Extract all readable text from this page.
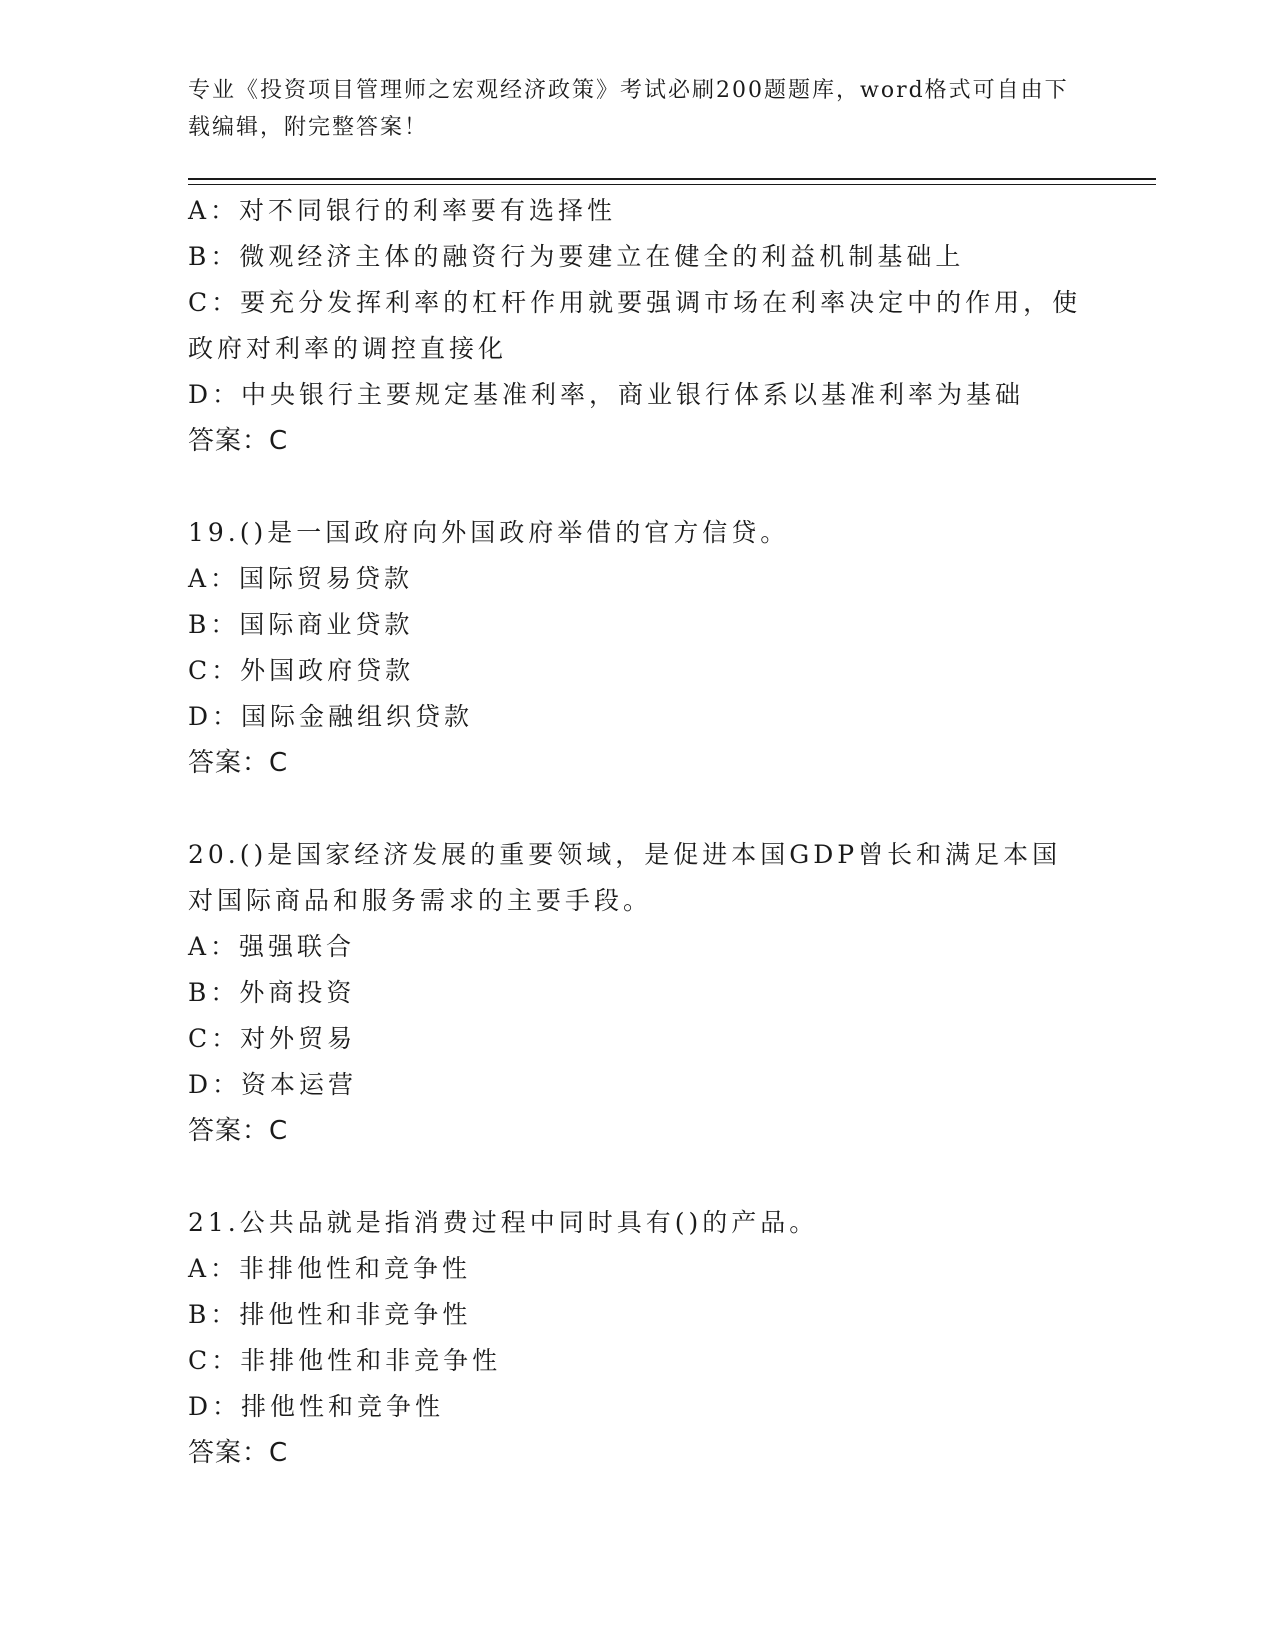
专业《投资项目管理师之宏观经济政策》考试必刷200题题库，word格式可自由下载编辑，附完整答案！
A：对不同银行的利率要有选择性
B：微观经济主体的融资行为要建立在健全的利益机制基础上
C：要充分发挥利率的杠杆作用就要强调市场在利率决定中的作用，使政府对利率的调控直接化
D：中央银行主要规定基准利率，商业银行体系以基准利率为基础
答案：C
19.()是一国政府向外国政府举借的官方信贷。
A：国际贸易贷款
B：国际商业贷款
C：外国政府贷款
D：国际金融组织贷款
答案：C
20.()是国家经济发展的重要领域，是促进本国GDP曾长和满足本国对国际商品和服务需求的主要手段。
A：强强联合
B：外商投资
C：对外贸易
D：资本运营
答案：C
21.公共品就是指消费过程中同时具有()的产品。
A：非排他性和竞争性
B：排他性和非竞争性
C：非排他性和非竞争性
D：排他性和竞争性
答案：C
